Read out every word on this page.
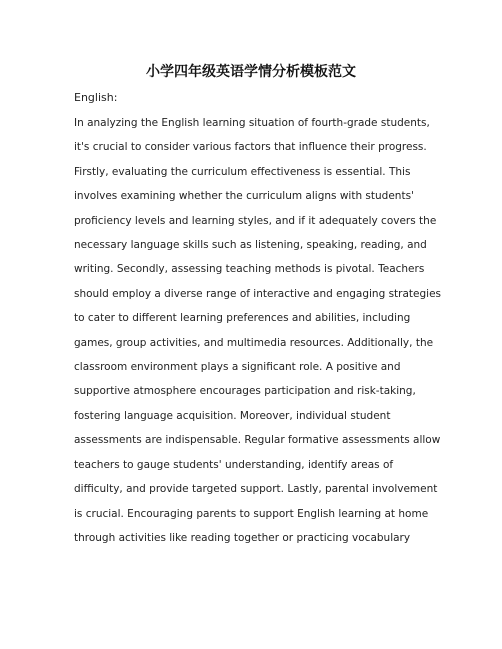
小学四年级英语学情分析模板范文
English:
In analyzing the English learning situation of fourth-grade students,
it's crucial to consider various factors that influence their progress.
Firstly, evaluating the curriculum effectiveness is essential. This
involves examining whether the curriculum aligns with students'
proficiency levels and learning styles, and if it adequately covers the
necessary language skills such as listening, speaking, reading, and
writing. Secondly, assessing teaching methods is pivotal. Teachers
should employ a diverse range of interactive and engaging strategies
to cater to different learning preferences and abilities, including
games, group activities, and multimedia resources. Additionally, the
classroom environment plays a significant role. A positive and
supportive atmosphere encourages participation and risk-taking,
fostering language acquisition. Moreover, individual student
assessments are indispensable. Regular formative assessments allow
teachers to gauge students' understanding, identify areas of
difficulty, and provide targeted support. Lastly, parental involvement
is crucial. Encouraging parents to support English learning at home
through activities like reading together or practicing vocabulary
